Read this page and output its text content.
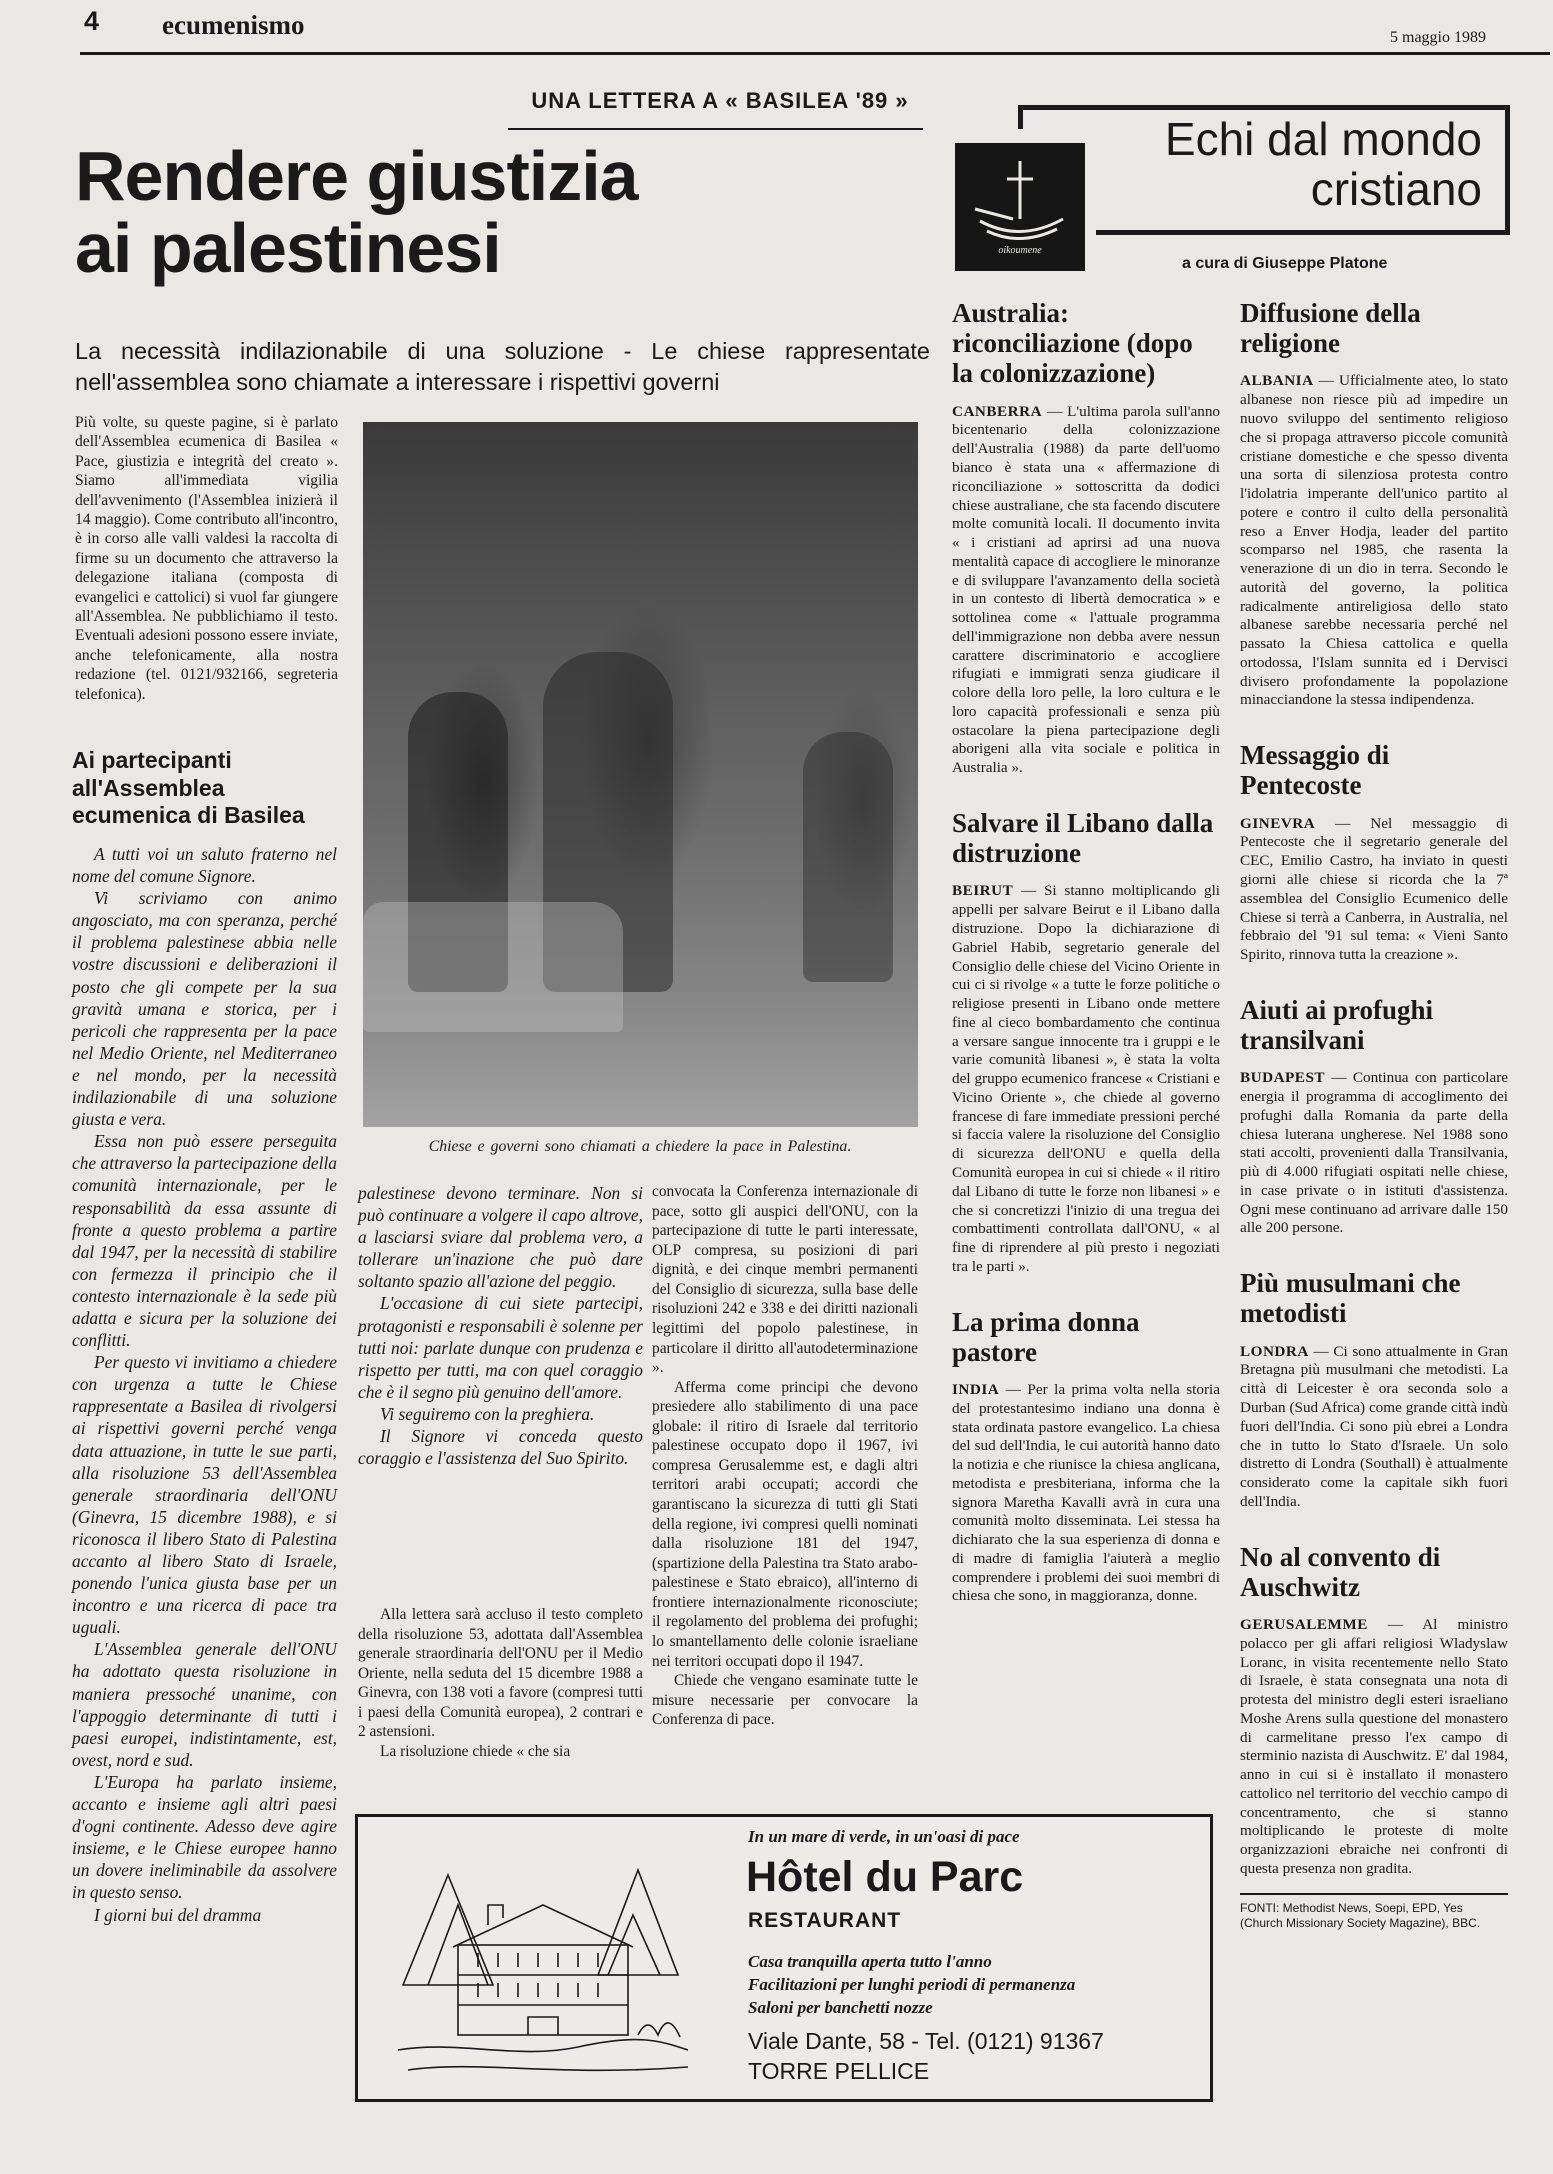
4 ecumenismo	5 maggio 1989
UNA LETTERA A « BASILEA '89 »
Rendere giustizia
ai palestinesi
La necessità indilazionabile di una soluzione - Le chiese rappresentate nell'assemblea sono chiamate a interessare i rispettivi governi
Più volte, su queste pagine, si è parlato dell'Assemblea ecumenica di Basilea « Pace, giustizia e integrità del creato ». Siamo all'immediata vigilia dell'avvenimento (l'Assemblea inizierà il 14 maggio). Come contributo all'incontro, è in corso alle valli valdesi la raccolta di firme su un documento che attraverso la delegazione italiana (composta di evangelici e cattolici) si vuol far giungere all'Assemblea. Ne pubblichiamo il testo. Eventuali adesioni possono essere inviate, anche telefonicamente, alla nostra redazione (tel. 0121/932166, segreteria telefonica).
Ai partecipanti all'Assemblea ecumenica di Basilea

A tutti voi un saluto fraterno nel nome del comune Signore.

Vi scriviamo con animo angosciato, ma con speranza, perché il problema palestinese abbia nelle vostre discussioni e deliberazioni il posto che gli compete per la sua gravità umana e storica, per i pericoli che rappresenta per la pace nel Medio Oriente, nel Mediterraneo e nel mondo, per la necessità indilazionabile di una soluzione giusta e vera.

Essa non può essere perseguita che attraverso la partecipazione della comunità internazionale, per le responsabilità da essa assunte di fronte a questo problema a partire dal 1947, per la necessità di stabilire con fermezza il principio che il contesto internazionale è la sede più adatta e sicura per la soluzione dei conflitti.

Per questo vi invitiamo a chiedere con urgenza a tutte le Chiese rappresentate a Basilea di rivolgersi ai rispettivi governi perché venga data attuazione, in tutte le sue parti, alla risoluzione 53 dell'Assemblea generale straordinaria dell'ONU (Ginevra, 15 dicembre 1988), e si riconosca il libero Stato di Palestina accanto al libero Stato di Israele, ponendo l'unica giusta base per un incontro e una ricerca di pace tra uguali.

L'Assemblea generale dell'ONU ha adottato questa risoluzione in maniera pressoché unanime, con l'appoggio determinante di tutti i paesi europei, indistintamente, est, ovest, nord e sud.

L'Europa ha parlato insieme, accanto e insieme agli altri paesi d'ogni continente. Adesso deve agire insieme, e le Chiese europee hanno un dovere ineliminabile da assolvere in questo senso.

I giorni bui del dramma

Chiese e governi sono chiamati a chiedere la pace in Palestina.

palestinese devono terminare. Non si può continuare a volgere il capo altrove, a lasciarsi sviare dal problema vero, a tollerare un'inazione che può dare soltanto spazio all'azione del peggio.

L'occasione di cui siete partecipi, protagonisti e responsabili è solenne per tutti noi: parlate dunque con prudenza e rispetto per tutti, ma con quel coraggio che è il segno più genuino dell'amore.

Vi seguiremo con la preghiera.

Il Signore vi conceda questo coraggio e l'assistenza del Suo Spirito.

Alla lettera sarà accluso il testo completo della risoluzione 53, adottata dall'Assemblea generale straordinaria dell'ONU per il Medio Oriente, nella seduta del 15 dicembre 1988 a Ginevra, con 138 voti a favore (compresi tutti i paesi della Comunità europea), 2 contrari e 2 astensioni.

La risoluzione chiede « che sia

convocata la Conferenza internazionale di pace, sotto gli auspici dell'ONU, con la partecipazione di tutte le parti interessate, OLP compresa, su posizioni di pari dignità, e dei cinque membri permanenti del Consiglio di sicurezza, sulla base delle risoluzioni 242 e 338 e dei diritti nazionali legittimi del popolo palestinese, in particolare il diritto all'autodeterminazione ».

Afferma come principi che devono presiedere allo stabilimento di una pace globale: il ritiro di Israele dal territorio palestinese occupato dopo il 1967, ivi compresa Gerusalemme est, e dagli altri territori arabi occupati; accordi che garantiscano la sicurezza di tutti gli Stati della regione, ivi compresi quelli nominati dalla risoluzione 181 del 1947, (spartizione della Palestina tra Stato arabo-palestinese e Stato ebraico), all'interno di frontiere internazionalmente riconosciute; il regolamento del problema dei profughi; lo smantellamento delle colonie israeliane nei territori occupati dopo il 1947.

Chiede che vengano esaminate tutte le misure necessarie per convocare la Conferenza di pace.

In un mare di verde, in un'oasi di pace
Hôtel du Parc
RESTAURANT
Casa tranquilla aperta tutto l'anno
Facilitazioni per lunghi periodi di permanenza
Saloni per banchetti nozze
Viale Dante, 58 - Tel. (0121) 91367
TORRE PELLICE
oikoumene
Echi dal mondo
cristiano
a cura di Giuseppe Platone
Australia: riconciliazione (dopo la colonizzazione)

CANBERRA — L'ultima parola sull'anno bicentenario della colonizzazione dell'Australia (1988) da parte dell'uomo bianco è stata una « affermazione di riconciliazione » sottoscritta da dodici chiese australiane, che sta facendo discutere molte comunità locali. Il documento invita « i cristiani ad aprirsi ad una nuova mentalità capace di accogliere le minoranze e di sviluppare l'avanzamento della società in un contesto di libertà democratica » e sottolinea come « l'attuale programma dell'immigrazione non debba avere nessun carattere discriminatorio e accogliere rifugiati e immigrati senza giudicare il colore della loro pelle, la loro cultura e le loro capacità professionali e senza più ostacolare la piena partecipazione degli aborigeni alla vita sociale e politica in Australia ».

Salvare il Libano dalla distruzione

BEIRUT — Si stanno moltiplicando gli appelli per salvare Beirut e il Libano dalla distruzione. Dopo la dichiarazione di Gabriel Habib, segretario generale del Consiglio delle chiese del Vicino Oriente in cui ci si rivolge « a tutte le forze politiche o religiose presenti in Libano onde mettere fine al cieco bombardamento che continua a versare sangue innocente tra i gruppi e le varie comunità libanesi », è stata la volta del gruppo ecumenico francese « Cristiani e Vicino Oriente », che chiede al governo francese di fare immediate pressioni perché si faccia valere la risoluzione del Consiglio di sicurezza dell'ONU e quella della Comunità europea in cui si chiede « il ritiro dal Libano di tutte le forze non libanesi » e che si concretizzi l'inizio di una tregua dei combattimenti controllata dall'ONU, « al fine di riprendere al più presto i negoziati tra le parti ».

La prima donna pastore

INDIA — Per la prima volta nella storia del protestantesimo indiano una donna è stata ordinata pastore evangelico. La chiesa del sud dell'India, le cui autorità hanno dato la notizia e che riunisce la chiesa anglicana, metodista e presbiteriana, informa che la signora Maretha Kavalli avrà in cura una comunità molto disseminata. Lei stessa ha dichiarato che la sua esperienza di donna e di madre di famiglia l'aiuterà a meglio comprendere i problemi dei suoi membri di chiesa che sono, in maggioranza, donne.

Diffusione della religione

ALBANIA — Ufficialmente ateo, lo stato albanese non riesce più ad impedire un nuovo sviluppo del sentimento religioso che si propaga attraverso piccole comunità cristiane domestiche e che spesso diventa una sorta di silenziosa protesta contro l'idolatria imperante dell'unico partito al potere e contro il culto della personalità reso a Enver Hodja, leader del partito scomparso nel 1985, che rasenta la venerazione di un dio in terra. Secondo le autorità del governo, la politica radicalmente antireligiosa dello stato albanese sarebbe necessaria perché nel passato la Chiesa cattolica e quella ortodossa, l'Islam sunnita ed i Dervisci divisero profondamente la popolazione minacciandone la stessa indipendenza.

Messaggio di Pentecoste

GINEVRA — Nel messaggio di Pentecoste che il segretario generale del CEC, Emilio Castro, ha inviato in questi giorni alle chiese si ricorda che la 7ª assemblea del Consiglio Ecumenico delle Chiese si terrà a Canberra, in Australia, nel febbraio del '91 sul tema: « Vieni Santo Spirito, rinnova tutta la creazione ».

Aiuti ai profughi transilvani

BUDAPEST — Continua con particolare energia il programma di accoglimento dei profughi dalla Romania da parte della chiesa luterana ungherese. Nel 1988 sono stati accolti, provenienti dalla Transilvania, più di 4.000 rifugiati ospitati nelle chiese, in case private o in istituti d'assistenza. Ogni mese continuano ad arrivare dalle 150 alle 200 persone.

Più musulmani che metodisti

LONDRA — Ci sono attualmente in Gran Bretagna più musulmani che metodisti. La città di Leicester è ora seconda solo a Durban (Sud Africa) come grande città indù fuori dell'India. Ci sono più ebrei a Londra che in tutto lo Stato d'Israele. Un solo distretto di Londra (Southall) è attualmente considerato come la capitale sikh fuori dell'India.

No al convento di Auschwitz

GERUSALEMME — Al ministro polacco per gli affari religiosi Wladyslaw Loranc, in visita recentemente nello Stato di Israele, è stata consegnata una nota di protesta del ministro degli esteri israeliano Moshe Arens sulla questione del monastero di carmelitane presso l'ex campo di sterminio nazista di Auschwitz. E' dal 1984, anno in cui si è installato il monastero cattolico nel territorio del vecchio campo di concentramento, che si stanno moltiplicando le proteste di molte organizzazioni ebraiche nei confronti di questa presenza non gradita.

FONTI: Methodist News, Soepi, EPD, Yes (Church Missionary Society Magazine), BBC.
